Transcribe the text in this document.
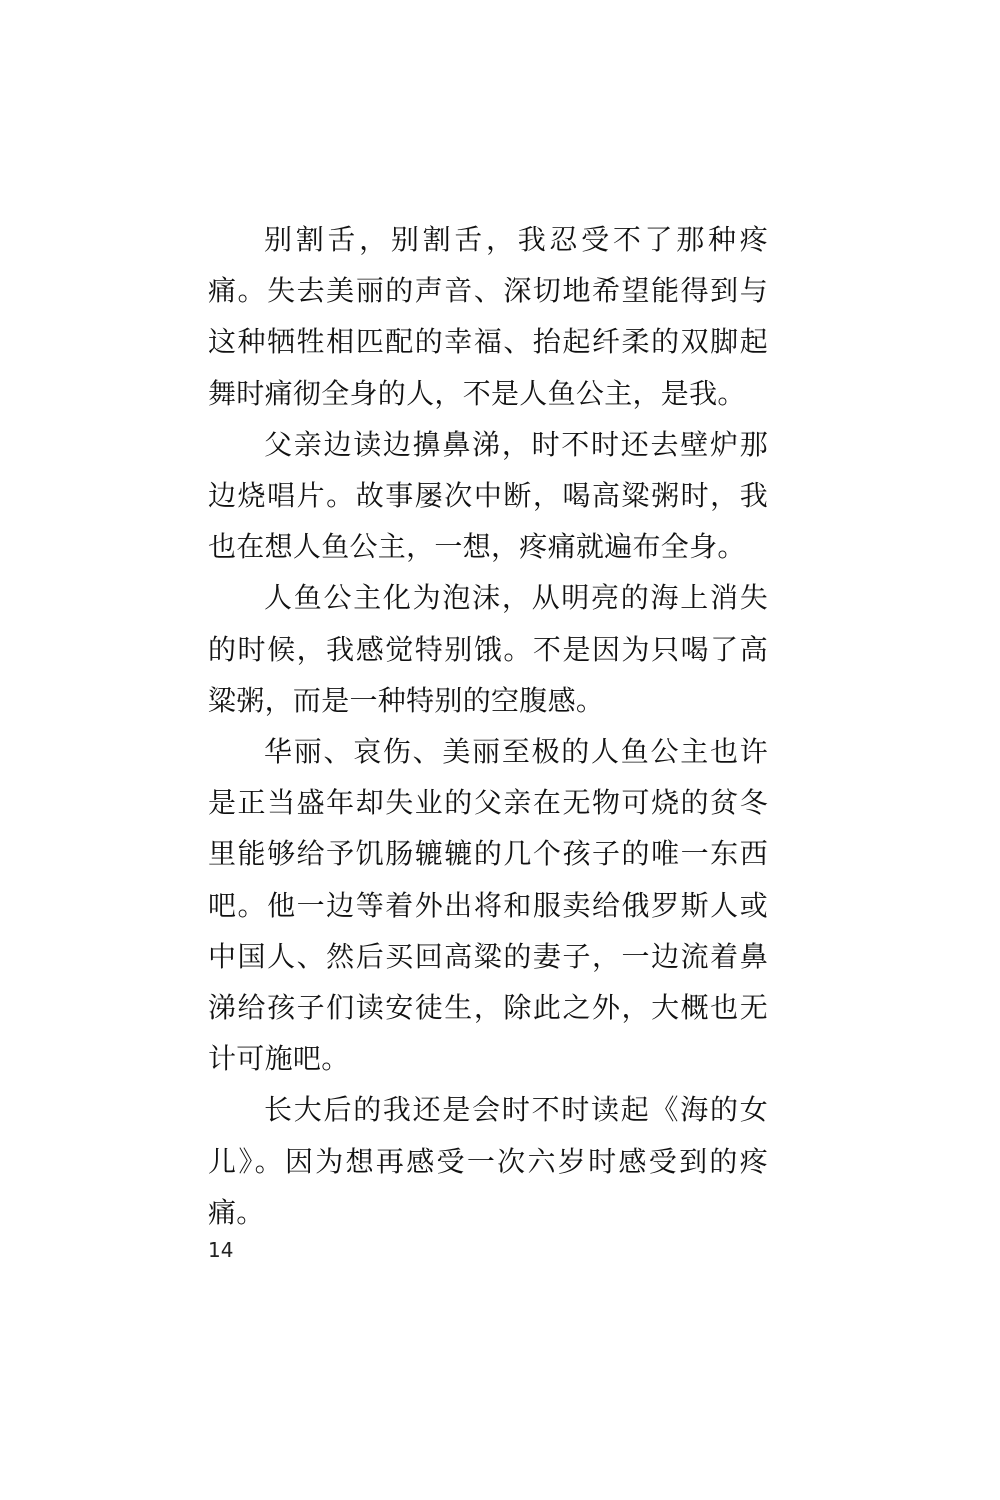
别割舌，别割舌，我忍受不了那种疼痛。失去美丽的声音、深切地希望能得到与这种牺牲相匹配的幸福、抬起纤柔的双脚起舞时痛彻全身的人，不是人鱼公主，是我。

父亲边读边擤鼻涕，时不时还去壁炉那边烧唱片。故事屡次中断，喝高粱粥时，我也在想人鱼公主，一想，疼痛就遍布全身。

人鱼公主化为泡沫，从明亮的海上消失的时候，我感觉特别饿。不是因为只喝了高粱粥，而是一种特别的空腹感。

华丽、哀伤、美丽至极的人鱼公主也许是正当盛年却失业的父亲在无物可烧的贫冬里能够给予饥肠辘辘的几个孩子的唯一东西吧。他一边等着外出将和服卖给俄罗斯人或中国人、然后买回高粱的妻子，一边流着鼻涕给孩子们读安徒生，除此之外，大概也无计可施吧。

长大后的我还是会时不时读起《海的女儿》。因为想再感受一次六岁时感受到的疼痛。

14
